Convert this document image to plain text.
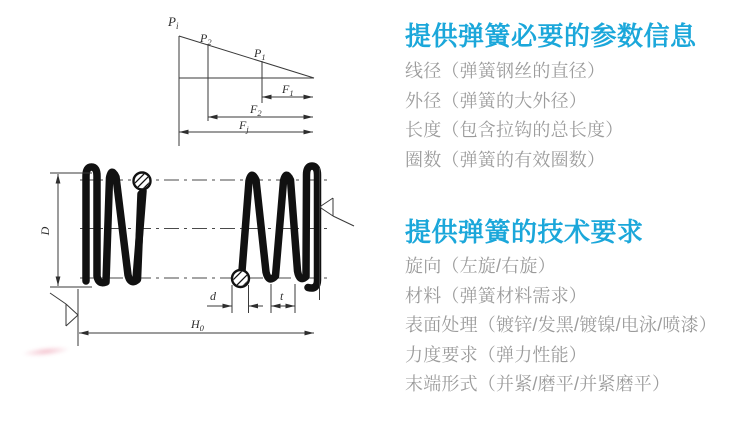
$P_i$
$P_2$
$P_1$
$F_1$
$F_2$
$F_j$
D
d	t
$H_0$
提供弹簧必要的参数信息
线径（弹簧钢丝的直径）
外径（弹簧的大外径）
长度（包含拉钩的总长度）
圈数（弹簧的有效圈数）
提供弹簧的技术要求
旋向（左旋/右旋）
材料（弹簧材料需求）
表面处理（镀锌/发黑/镀镍/电泳/喷漆）
力度要求（弹力性能）
末端形式（并紧/磨平/并紧磨平）
